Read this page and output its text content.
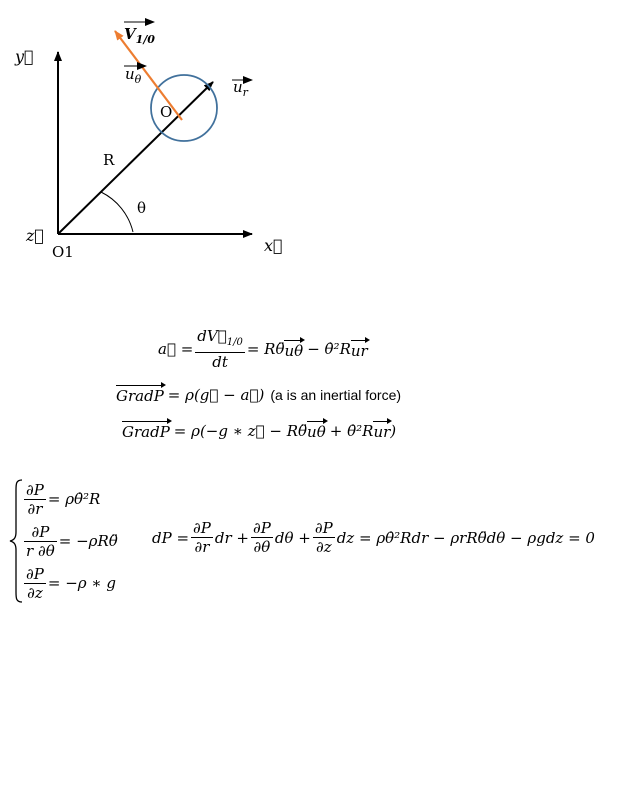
y⃗
x⃗
z⃗
O1
R
θ
O
$V_{1/0}$
$u_\theta$	$u_r$
a⃗ = $\frac{dV⃗_{1/0}}{dt}$ = Rθ̈ uθ − θ̇²R ur
GradP = ρ(g⃗ − a⃗) (a is an inertial force)
GradP = ρ(−g ∗ z⃗ − Rθ̈ uθ + θ̇²R ur )
$\frac{\partial P}{\partial r}$ = ρθ̇²R
$\frac{\partial P}{r \partial\theta}$ = −ρRθ̈
$\frac{\partial P}{\partial z} = -\rho$ ∗ g
dP = $\frac{\partial P}{\partial r}$ dr + $\frac{\partial P}{\partial\theta}$ $d\theta + \frac{\partial P}{\partial z}$ dz = ρθ̇²Rdr − ρrRθ̈dθ − ρgdz = 0
